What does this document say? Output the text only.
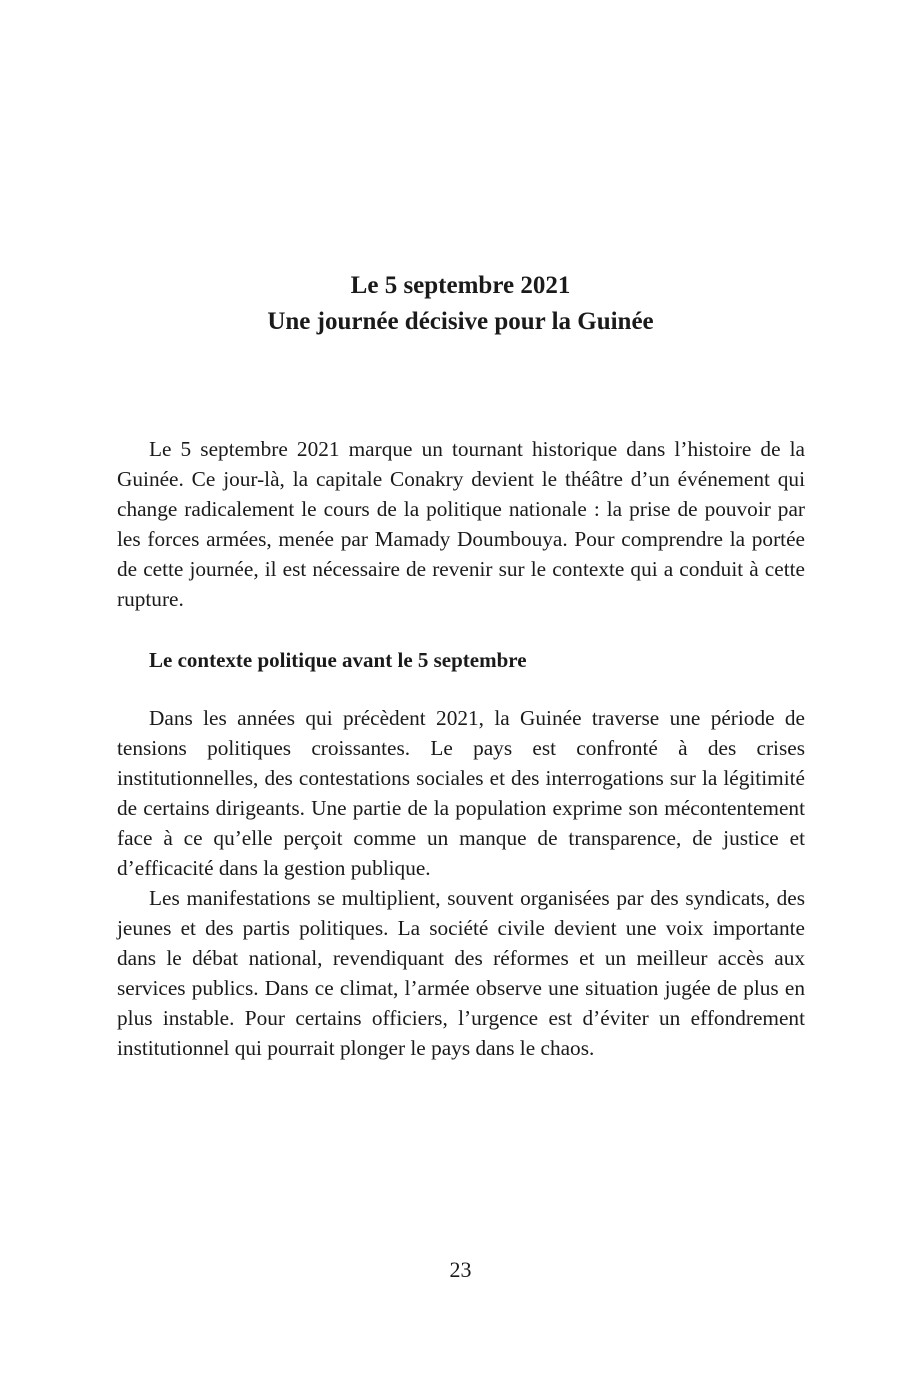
Le 5 septembre 2021
Une journée décisive pour la Guinée

Le 5 septembre 2021 marque un tournant historique dans l’histoire de la Guinée. Ce jour-là, la capitale Conakry devient le théâtre d’un événement qui change radicalement le cours de la politique nationale : la prise de pouvoir par les forces armées, menée par Mamady Doumbouya. Pour comprendre la portée de cette journée, il est nécessaire de revenir sur le contexte qui a conduit à cette rupture.

Le contexte politique avant le 5 septembre

Dans les années qui précèdent 2021, la Guinée traverse une période de tensions politiques croissantes. Le pays est confronté à des crises institutionnelles, des contestations sociales et des interrogations sur la légitimité de certains dirigeants. Une partie de la population exprime son mécontentement face à ce qu’elle perçoit comme un manque de transparence, de justice et d’efficacité dans la gestion publique.

Les manifestations se multiplient, souvent organisées par des syndicats, des jeunes et des partis politiques. La société civile devient une voix importante dans le débat national, revendiquant des réformes et un meilleur accès aux services publics. Dans ce climat, l’armée observe une situation jugée de plus en plus instable. Pour certains officiers, l’urgence est d’éviter un effondrement institutionnel qui pourrait plonger le pays dans le chaos.

23
